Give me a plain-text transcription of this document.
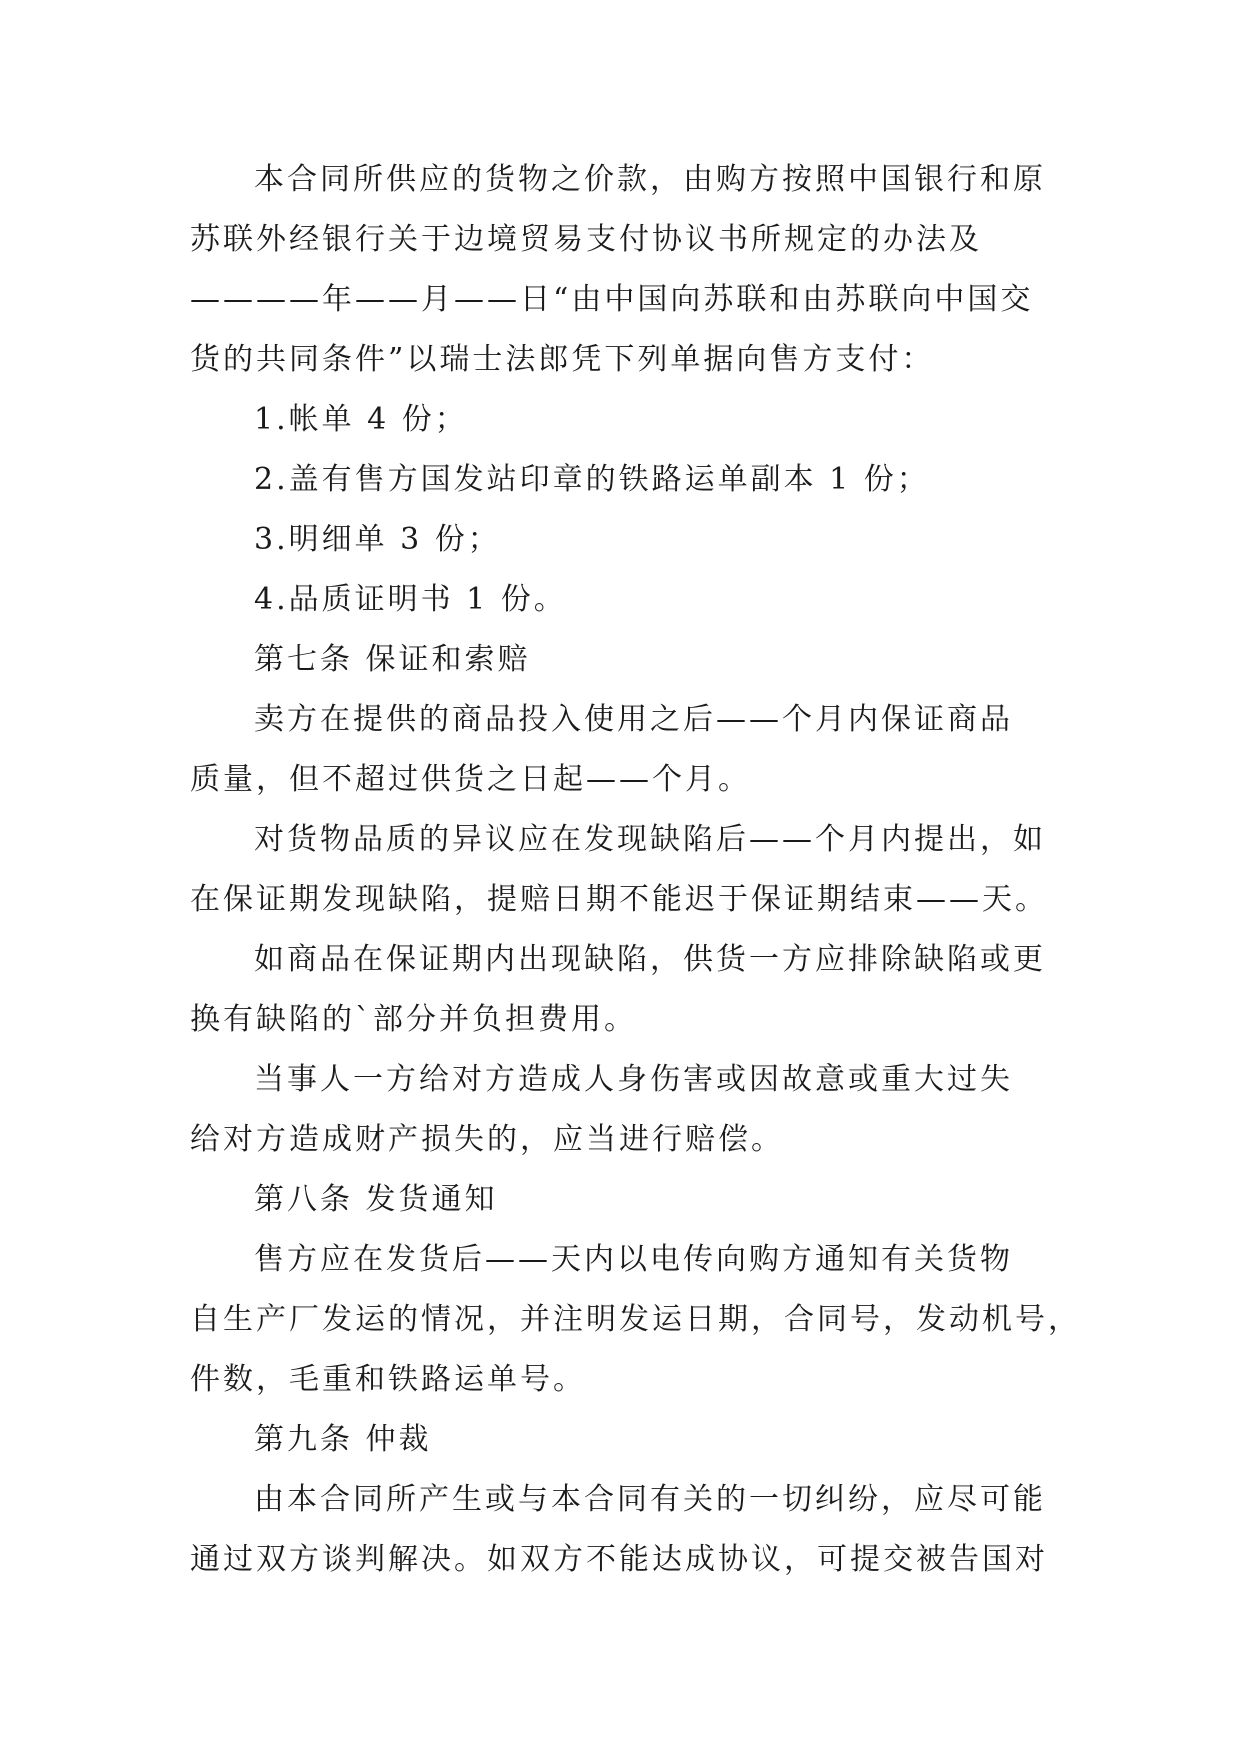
本合同所供应的货物之价款，由购方按照中国银行和原
苏联外经银行关于边境贸易支付协议书所规定的办法及
————年——月——日“由中国向苏联和由苏联向中国交
货的共同条件”以瑞士法郎凭下列单据向售方支付：
1.帐单 4 份；
2.盖有售方国发站印章的铁路运单副本 1 份；
3.明细单 3 份；
4.品质证明书 1 份。
第七条 保证和索赔
卖方在提供的商品投入使用之后——个月内保证商品
质量，但不超过供货之日起——个月。
对货物品质的异议应在发现缺陷后——个月内提出，如
在保证期发现缺陷，提赔日期不能迟于保证期结束——天。
如商品在保证期内出现缺陷，供货一方应排除缺陷或更
换有缺陷的`部分并负担费用。
当事人一方给对方造成人身伤害或因故意或重大过失
给对方造成财产损失的，应当进行赔偿。
第八条 发货通知
售方应在发货后——天内以电传向购方通知有关货物
自生产厂发运的情况，并注明发运日期，合同号，发动机号，
件数，毛重和铁路运单号。
第九条 仲裁
由本合同所产生或与本合同有关的一切纠纷，应尽可能
通过双方谈判解决。如双方不能达成协议，可提交被告国对
